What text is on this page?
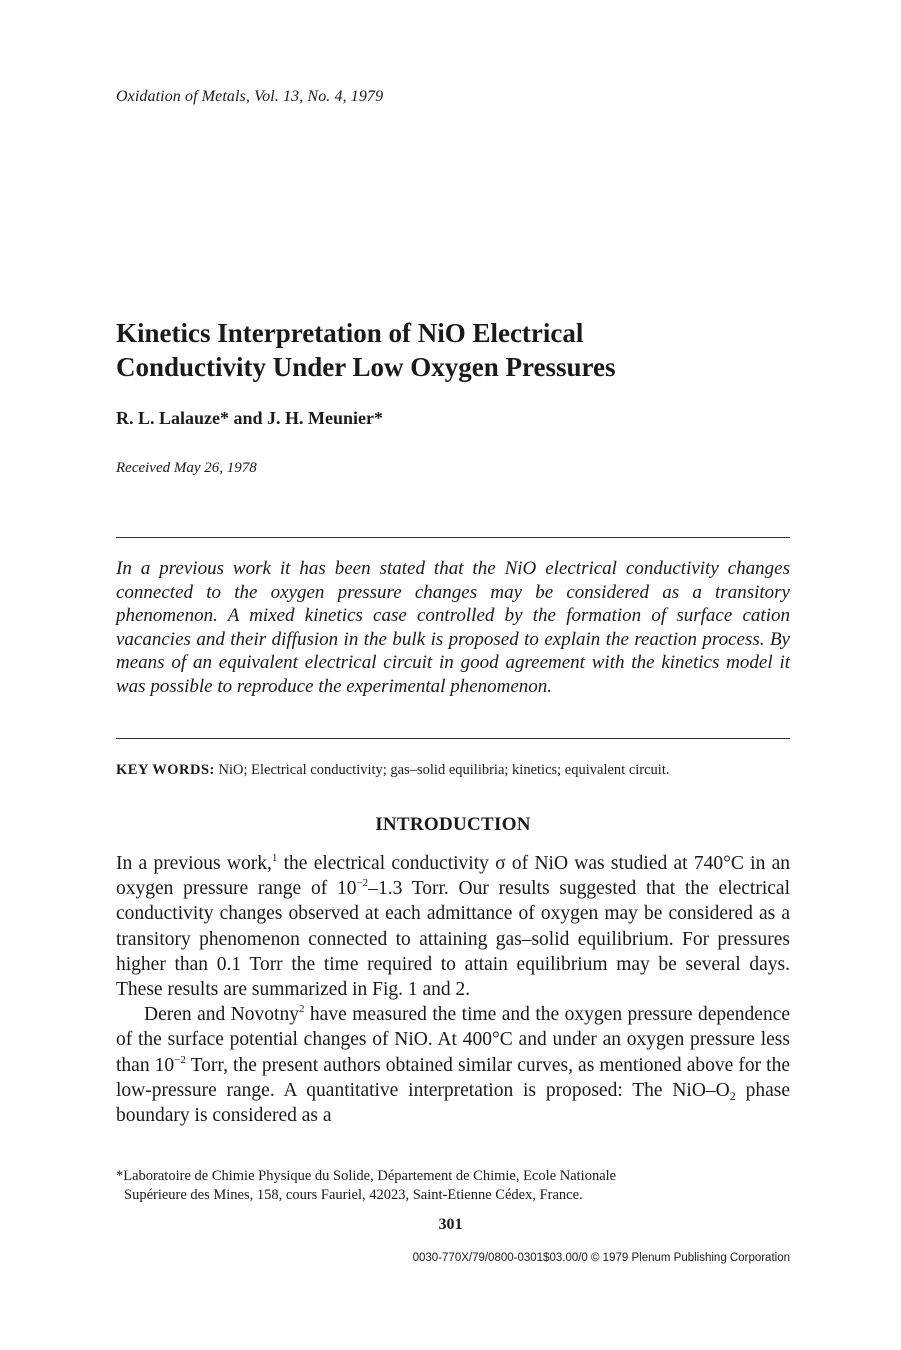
Oxidation of Metals, Vol. 13, No. 4, 1979
Kinetics Interpretation of NiO Electrical
Conductivity Under Low Oxygen Pressures
R. L. Lalauze* and J. H. Meunier*
Received May 26, 1978

In a previous work it has been stated that the NiO electrical conductivity changes connected to the oxygen pressure changes may be considered as a transitory phenomenon. A mixed kinetics case controlled by the formation of surface cation vacancies and their diffusion in the bulk is proposed to explain the reaction process. By means of an equivalent electrical circuit in good agreement with the kinetics model it was possible to reproduce the experimental phenomenon.

KEY WORDS: NiO; Electrical conductivity; gas–solid equilibria; kinetics; equivalent circuit.

INTRODUCTION

In a previous work,$^1$ the electrical conductivity σ of NiO was studied at 740°C in an oxygen pressure range of $10^{-2}-1.3$ Torr. Our results suggested that the electrical conductivity changes observed at each admittance of oxygen may be considered as a transitory phenomenon connected to attaining gas–solid equilibrium. For pressures higher than 0.1 Torr the time required to attain equilibrium may be several days. These results are summarized in Fig. 1 and 2.

Deren and Novotny$^2$ have measured the time and the oxygen pressure dependence of the surface potential changes of NiO. At 400°C and under an oxygen pressure less than $10^{-2}$ Torr, the present authors obtained similar curves, as mentioned above for the low-pressure range. A quantitative interpretation is proposed: The NiO–$O_2$ phase boundary is considered as a

*Laboratoire de Chimie Physique du Solide, Département de Chimie, Ecole Nationale
Supérieure des Mines, 158, cours Fauriel, 42023, Saint-Etienne Cédex, France.

301
0030-770X/79/0800-0301$03.00/0 © 1979 Plenum Publishing Corporation
